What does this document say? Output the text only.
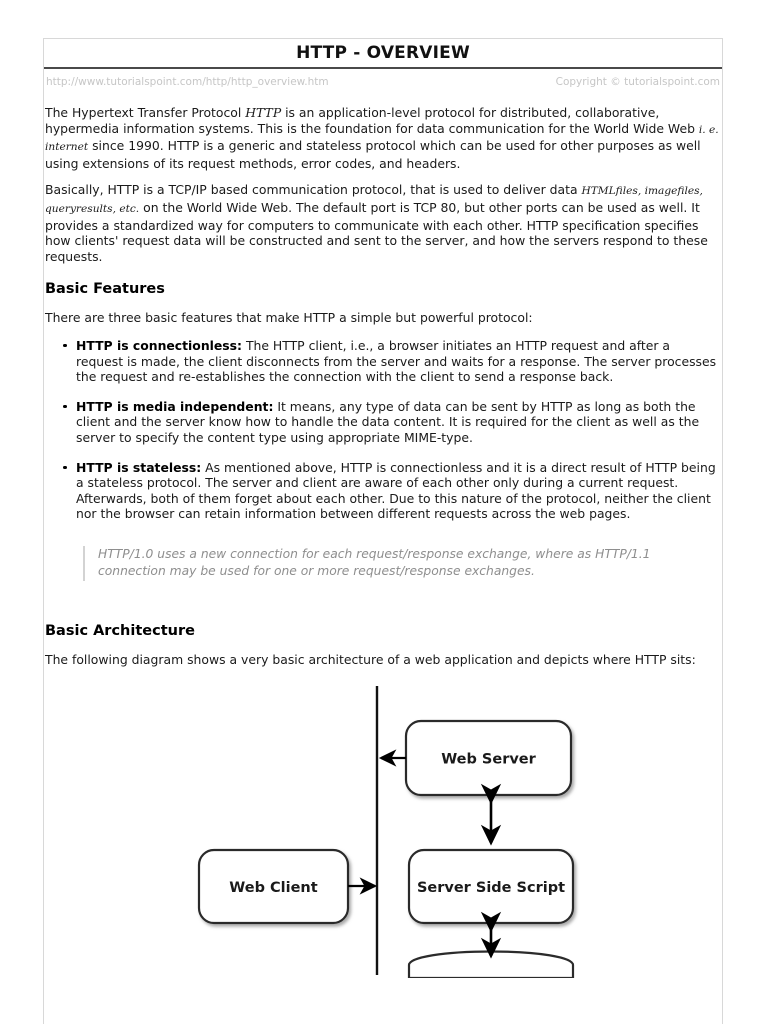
HTTP - OVERVIEW
http://www.tutorialspoint.com/http/http_overview.htm	Copyright © tutorialspoint.com

The Hypertext Transfer Protocol HTTP is an application-level protocol for distributed, collaborative, hypermedia information systems. This is the foundation for data communication for the World Wide Web i. e. internet since 1990. HTTP is a generic and stateless protocol which can be used for other purposes as well using extensions of its request methods, error codes, and headers.

Basically, HTTP is a TCP/IP based communication protocol, that is used to deliver data HTMLfiles, imagefiles, queryresults, etc. on the World Wide Web. The default port is TCP 80, but other ports can be used as well. It provides a standardized way for computers to communicate with each other. HTTP specification specifies how clients' request data will be constructed and sent to the server, and how the servers respond to these requests.

Basic Features

There are three basic features that make HTTP a simple but powerful protocol:

HTTP is connectionless: The HTTP client, i.e., a browser initiates an HTTP request and after a request is made, the client disconnects from the server and waits for a response. The server processes the request and re-establishes the connection with the client to send a response back.
HTTP is media independent: It means, any type of data can be sent by HTTP as long as both the client and the server know how to handle the data content. It is required for the client as well as the server to specify the content type using appropriate MIME-type.
HTTP is stateless: As mentioned above, HTTP is connectionless and it is a direct result of HTTP being a stateless protocol. The server and client are aware of each other only during a current request. Afterwards, both of them forget about each other. Due to this nature of the protocol, neither the client nor the browser can retain information between different requests across the web pages.
HTTP/1.0 uses a new connection for each request/response exchange, where as HTTP/1.1 connection may be used for one or more request/response exchanges.
Basic Architecture

The following diagram shows a very basic architecture of a web application and depicts where HTTP sits:

Web Server
Web Client	Server Side Script
